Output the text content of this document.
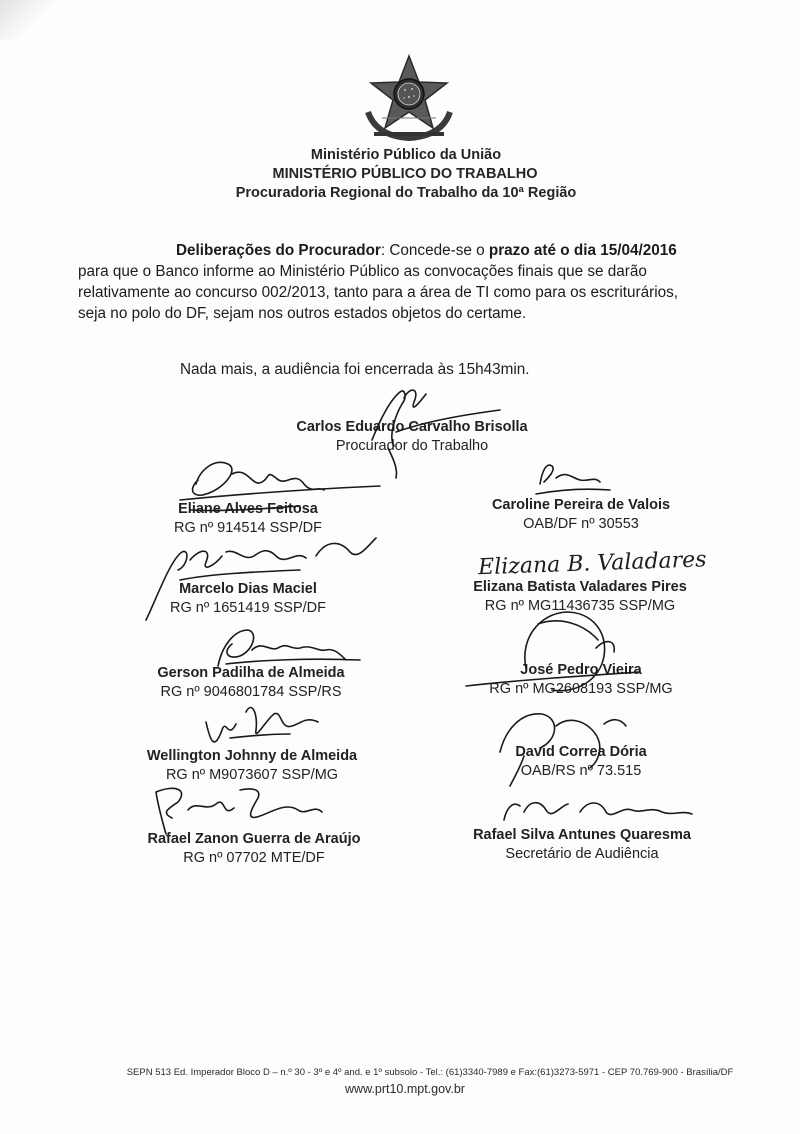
Ministério Público da União
MINISTÉRIO PÚBLICO DO TRABALHO
Procuradoria Regional do Trabalho da 10ª Região
Deliberações do Procurador: Concede-se o prazo até o dia 15/04/2016
para que o Banco informe ao Ministério Público as convocações finais que se darão
relativamente ao concurso 002/2013, tanto para a área de TI como para os escriturários,
seja no polo do DF, sejam nos outros estados objetos do certame.
Nada mais, a audiência foi encerrada às 15h43min.
Carlos Eduardo Carvalho Brisolla
Procurador do Trabalho
Eliane Alves Feitosa
RG nº 914514 SSP/DF
Marcelo Dias Maciel
RG nº 1651419 SSP/DF
Gerson Padilha de Almeida
RG nº 9046801784 SSP/RS
Wellington Johnny de Almeida
RG nº M9073607 SSP/MG
Rafael Zanon Guerra de Araújo
RG nº 07702 MTE/DF
Caroline Pereira de Valois
OAB/DF nº 30553
Elizana Batista Valadares Pires
RG nº MG11436735 SSP/MG
José Pedro Vieira
RG nº MG2608193 SSP/MG
David Correa Dória
OAB/RS nº 73.515
Rafael Silva Antunes Quaresma
Secretário de Audiência
Elizana B. Valadares
SEPN 513 Ed. Imperador Bloco D – n.º 30 - 3º e 4º and. e 1º subsolo - Tel.: (61)3340-7989 e Fax:(61)3273-5971 - CEP 70.769-900 - Brasília/DF
www.prt10.mpt.gov.br
